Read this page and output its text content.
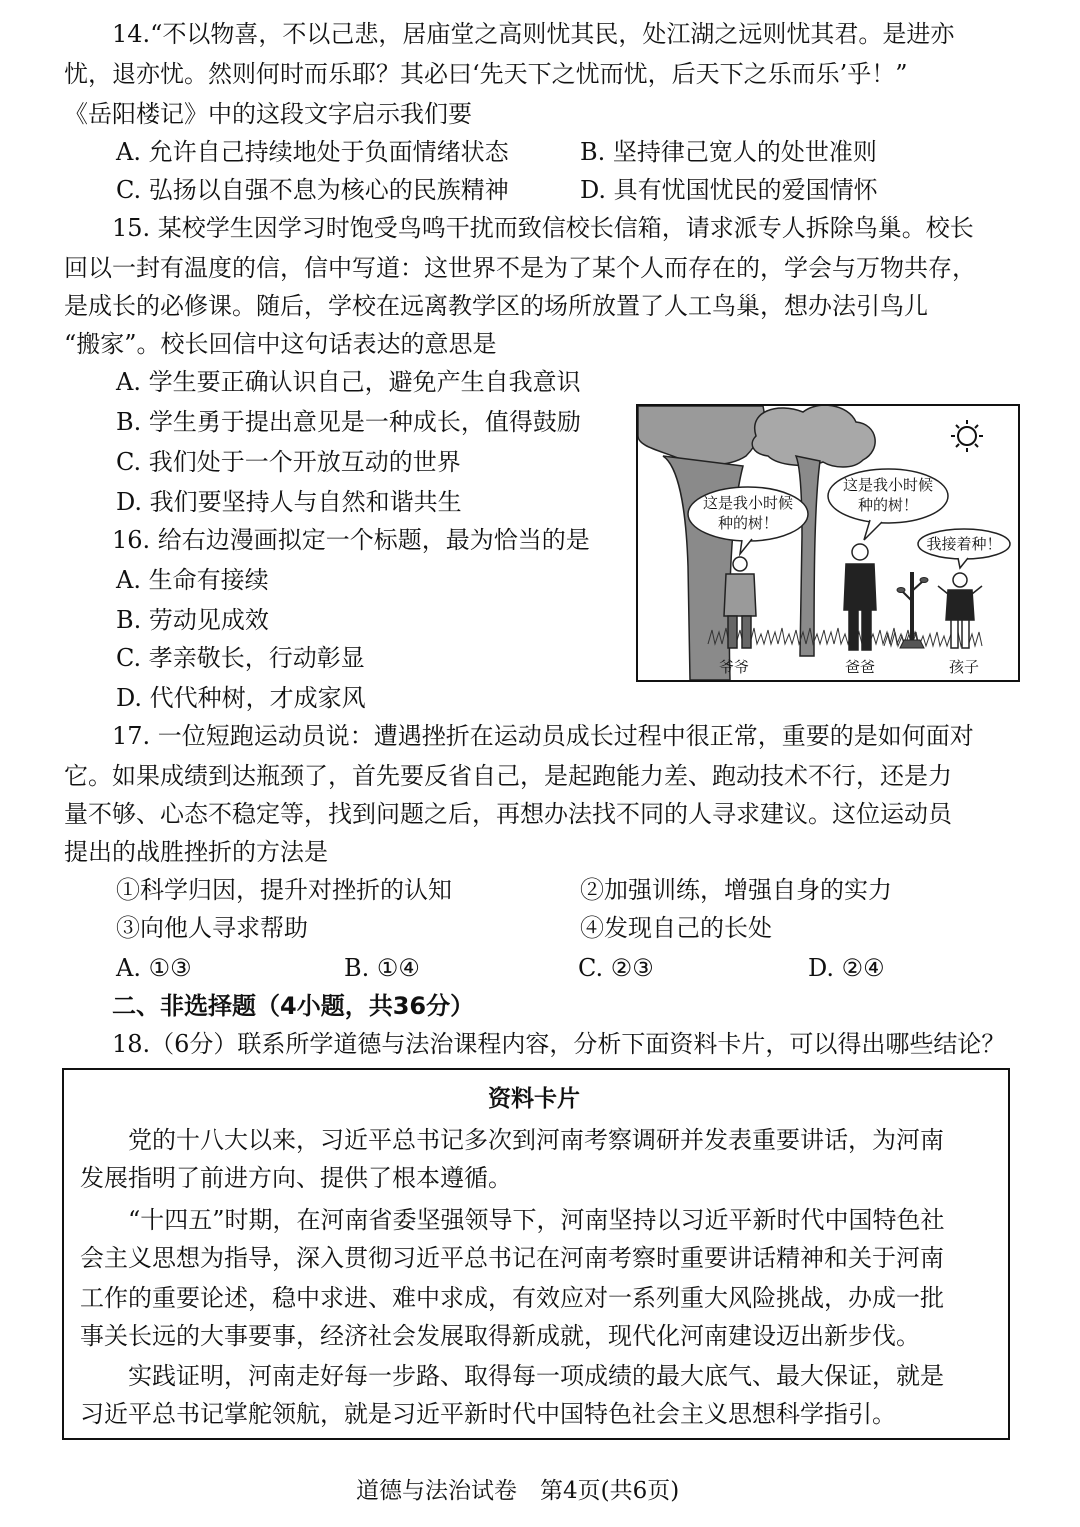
14.“不以物喜，不以己悲，居庙堂之高则忧其民，处江湖之远则忧其君。是进亦
忧，退亦忧。然则何时而乐耶？其必曰‘先天下之忧而忧，后天下之乐而乐’乎！”
《岳阳楼记》中的这段文字启示我们要
A. 允许自己持续地处于负面情绪状态	B. 坚持律己宽人的处世准则
C. 弘扬以自强不息为核心的民族精神	D. 具有忧国忧民的爱国情怀
15. 某校学生因学习时饱受鸟鸣干扰而致信校长信箱，请求派专人拆除鸟巢。校长
回以一封有温度的信，信中写道：这世界不是为了某个人而存在的，学会与万物共存，
是成长的必修课。随后，学校在远离教学区的场所放置了人工鸟巢，想办法引鸟儿
“搬家”。校长回信中这句话表达的意思是
A. 学生要正确认识自己，避免产生自我意识
B. 学生勇于提出意见是一种成长，值得鼓励
C. 我们处于一个开放互动的世界
D. 我们要坚持人与自然和谐共生
16. 给右边漫画拟定一个标题，最为恰当的是
A. 生命有接续
B. 劳动见成效
C. 孝亲敬长，行动彰显
D. 代代种树，才成家风
这是我小时候
种的树！
这是我小时候
种的树！
我接着种！
爷爷	爸爸	孩子
17. 一位短跑运动员说：遭遇挫折在运动员成长过程中很正常，重要的是如何面对
它。如果成绩到达瓶颈了，首先要反省自己，是起跑能力差、跑动技术不行，还是力
量不够、心态不稳定等，找到问题之后，再想办法找不同的人寻求建议。这位运动员
提出的战胜挫折的方法是
①科学归因，提升对挫折的认知	②加强训练，增强自身的实力
③向他人寻求帮助	④发现自己的长处
A. ①③	B. ①④	C. ②③	D. ②④
二、非选择题（4小题，共36分）
18.（6分）联系所学道德与法治课程内容，分析下面资料卡片，可以得出哪些结论？
资料卡片
党的十八大以来，习近平总书记多次到河南考察调研并发表重要讲话，为河南
发展指明了前进方向、提供了根本遵循。
“十四五”时期，在河南省委坚强领导下，河南坚持以习近平新时代中国特色社
会主义思想为指导，深入贯彻习近平总书记在河南考察时重要讲话精神和关于河南
工作的重要论述，稳中求进、难中求成，有效应对一系列重大风险挑战，办成一批
事关长远的大事要事，经济社会发展取得新成就，现代化河南建设迈出新步伐。
实践证明，河南走好每一步路、取得每一项成绩的最大底气、最大保证，就是
习近平总书记掌舵领航，就是习近平新时代中国特色社会主义思想科学指引。
道德与法治试卷　第4页(共6页)
